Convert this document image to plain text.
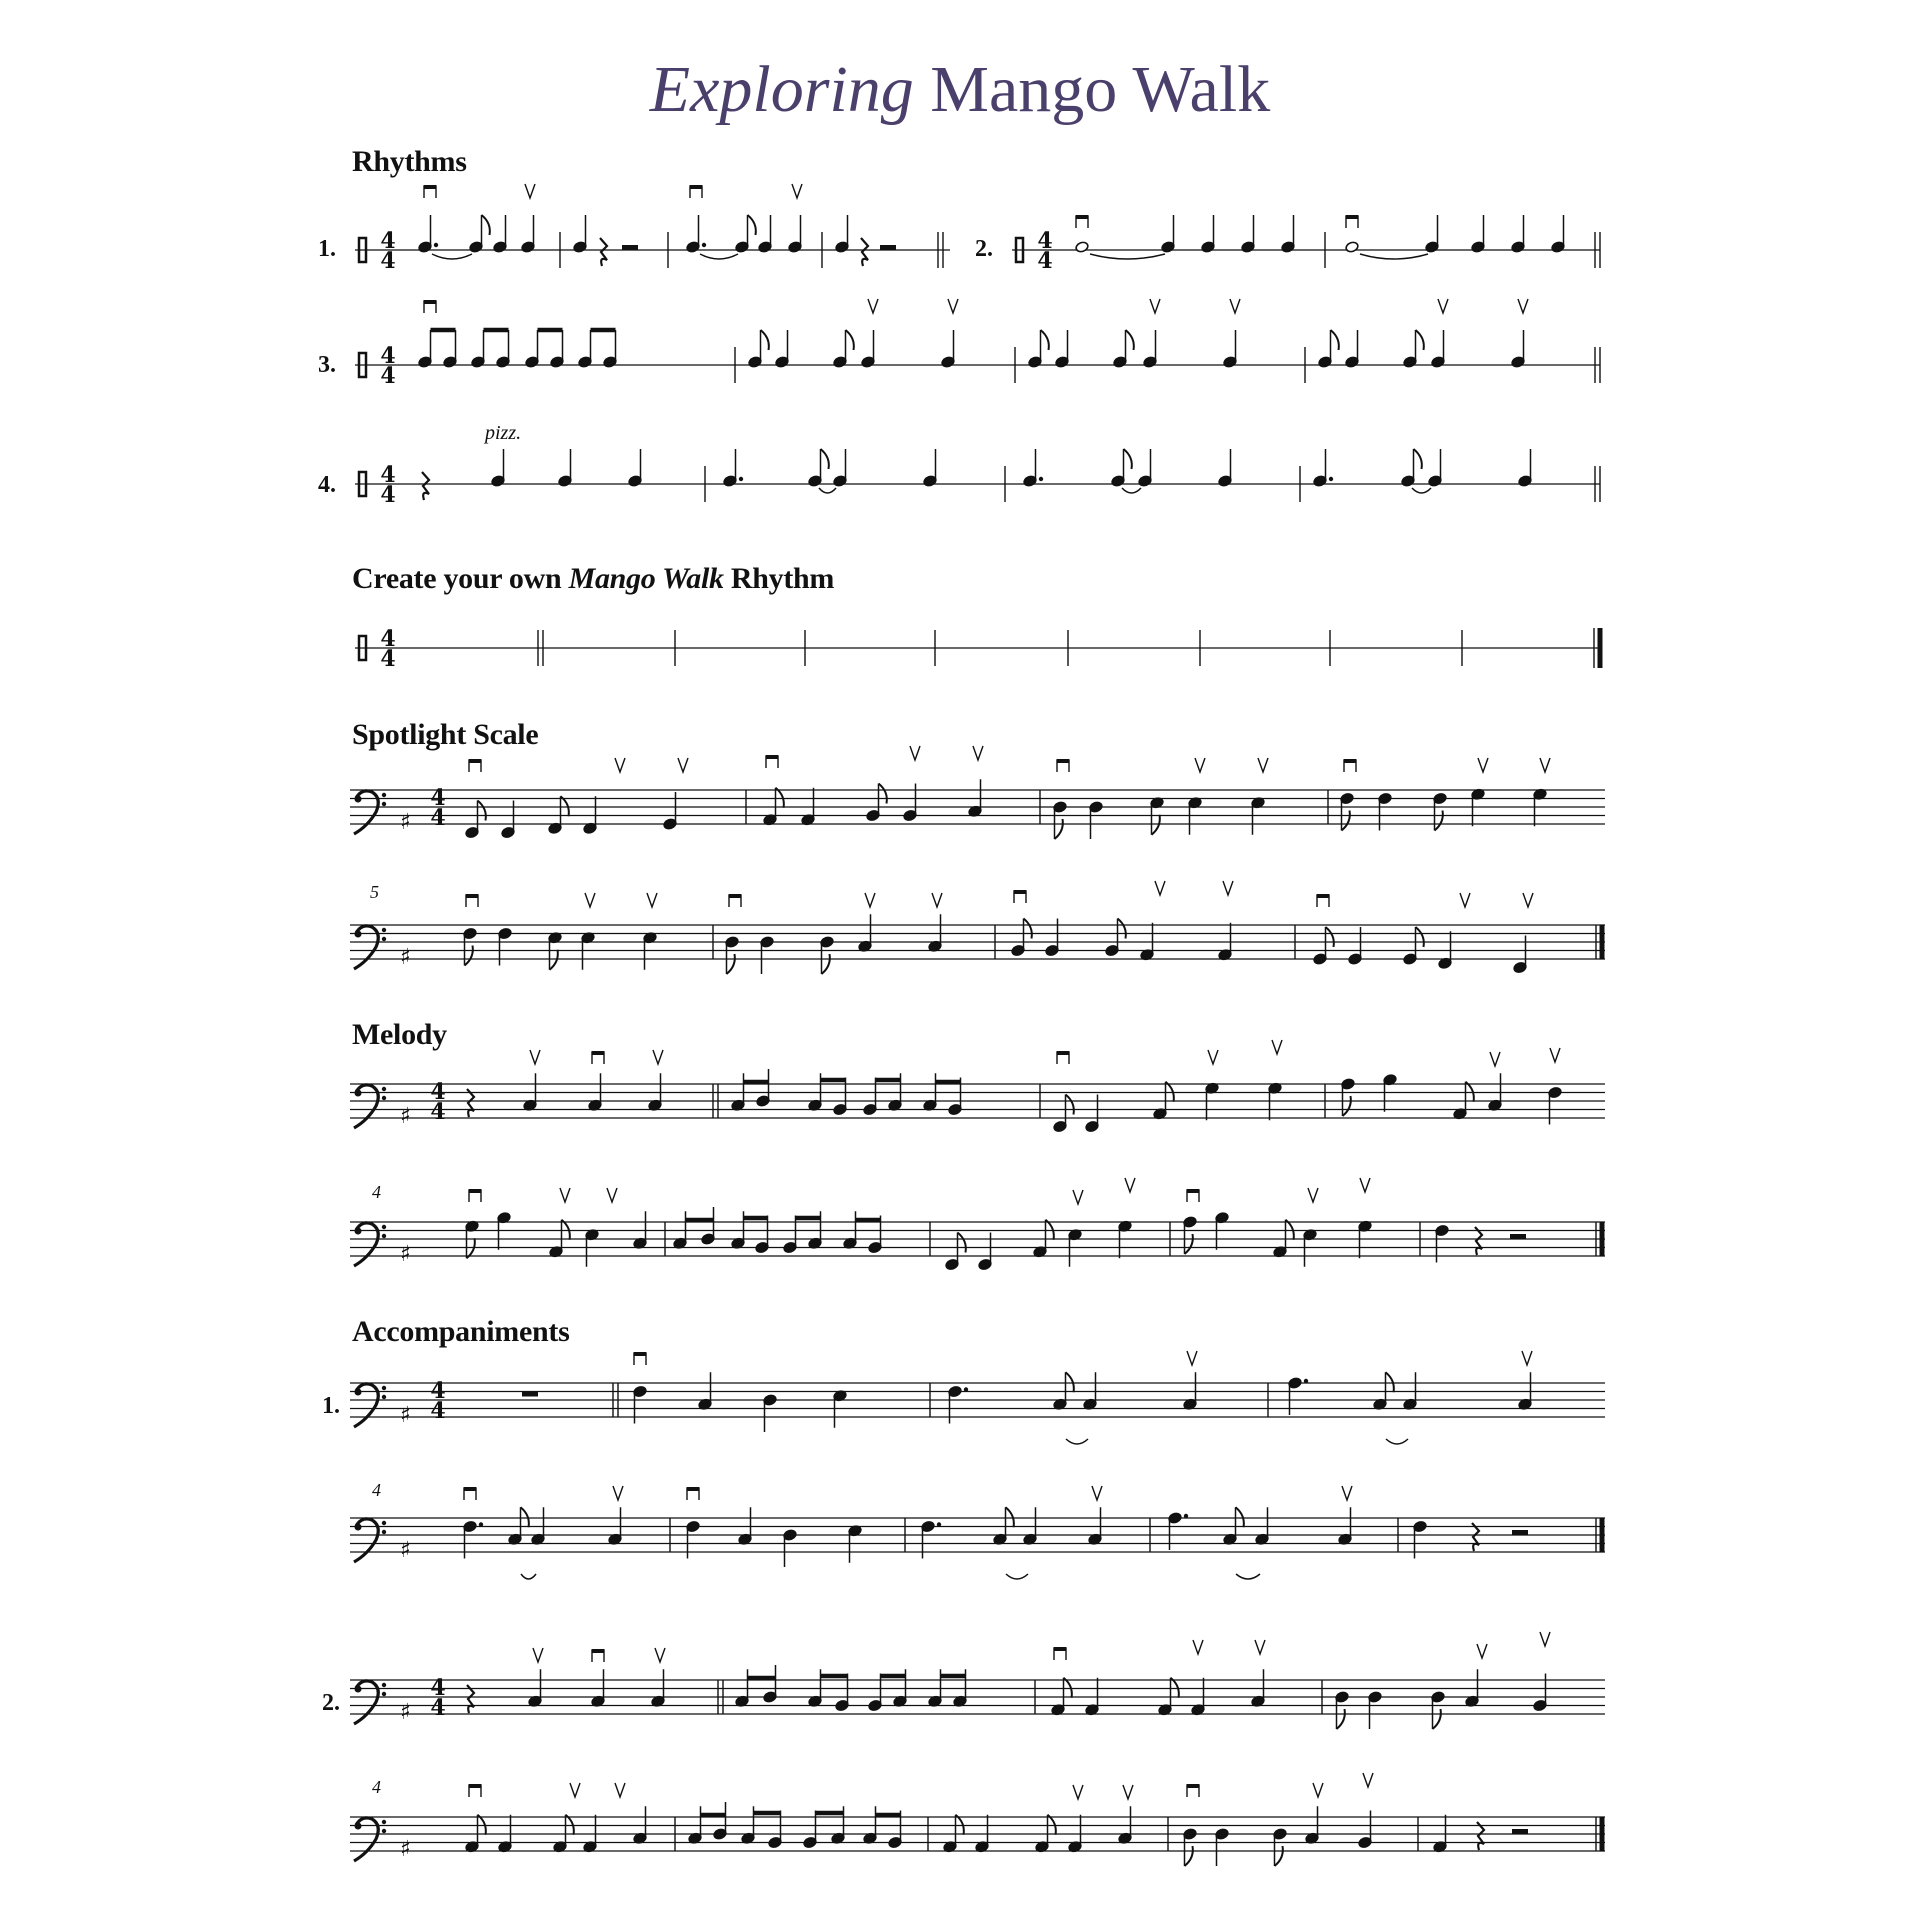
Exploring Mango Walk
Rhythms
Create your own Mango Walk Rhythm
Spotlight Scale
Melody
Accompaniments
1.	2.
3.
4.
1.
2.
5
4
4
4
pizz.
4
4
4
4
4
4
4
4
4
4
♯
♯
♯
♯
♯
♯
♯
♯
4
4
4
4
4
4
4
4
